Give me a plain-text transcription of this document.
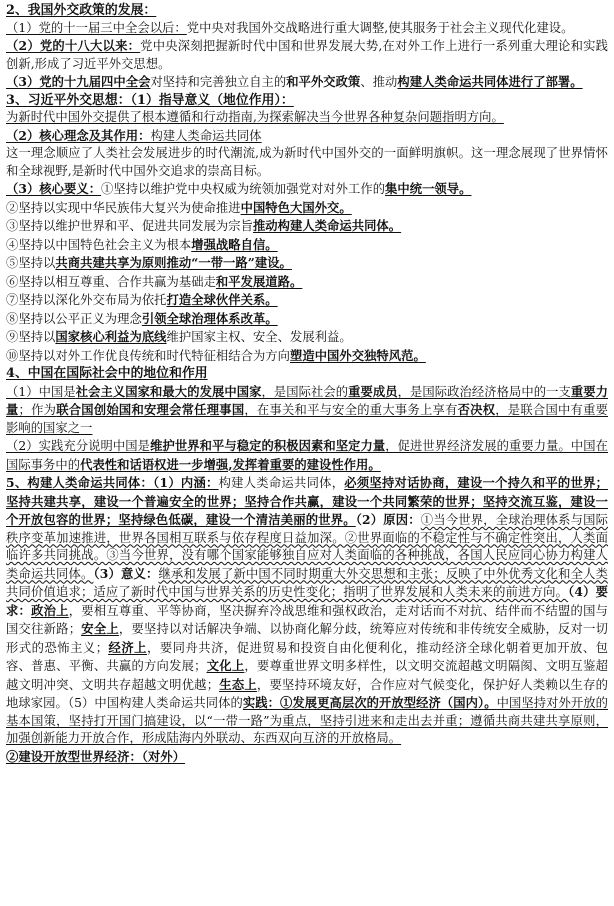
2、我国外交政策的发展：

（1）党的十一届三中全会以后：党中央对我国外交战略进行重大调整,使其服务于社会主义现代化建设。

（2）党的十八大以来：党中央深刻把握新时代中国和世界发展大势,在对外工作上进行一系列重大理论和实践创新,形成了习近平外交思想。

（3）党的十九届四中全会对坚持和完善独立自主的和平外交政策、推动构建人类命运共同体进行了部署。

3、习近平外交思想：（1）指导意义（地位作用）：

为新时代中国外交提供了根本遵循和行动指南,为探索解决当今世界各种复杂问题指明方向。

（2）核心理念及其作用：构建人类命运共同体

这一理念顺应了人类社会发展进步的时代潮流,成为新时代中国外交的一面鲜明旗帜。这一理念展现了世界情怀和全球视野,是新时代中国外交追求的崇高目标。

（3）核心要义：①坚持以维护党中央权威为统领加强党对对外工作的集中统一领导。

②坚持以实现中华民族伟大复兴为使命推进中国特色大国外交。

③坚持以维护世界和平、促进共同发展为宗旨推动构建人类命运共同体。

④坚持以中国特色社会主义为根本增强战略自信。

⑤坚持以共商共建共享为原则推动“一带一路”建设。

⑥坚持以相互尊重、合作共赢为基础走和平发展道路。

⑦坚持以深化外交布局为依托打造全球伙伴关系。

⑧坚持以公平正义为理念引领全球治理体系改革。

⑨坚持以国家核心利益为底线维护国家主权、安全、发展利益。

⑩坚持以对外工作优良传统和时代特征相结合为方向塑造中国外交独特风范。

4、中国在国际社会中的地位和作用

（1）中国是社会主义国家和最大的发展中国家，是国际社会的重要成员，是国际政治经济格局中的一支重要力量；作为联合国创始国和安理会常任理事国，在事关和平与安全的重大事务上享有否决权，是联合国中有重要影响的国家之一

（2）实践充分说明中国是维护世界和平与稳定的积极因素和坚定力量，促进世界经济发展的重要力量。中国在国际事务中的代表性和话语权进一步增强,发挥着重要的建设性作用。

5、构建人类命运共同体：（1）内涵：构建人类命运共同体，必须坚持对话协商，建设一个持久和平的世界；坚持共建共享，建设一个普遍安全的世界；坚持合作共赢，建设一个共同繁荣的世界；坚持交流互鉴，建设一个开放包容的世界；坚持绿色低碳，建设一个清洁美丽的世界。（2）原因：①当今世界，全球治理体系与国际秩序变革加速推进，世界各国相互联系与依存程度日益加深。②世界面临的不稳定性与不确定性突出，人类面临许多共同挑战。③当今世界，没有哪个国家能够独自应对人类面临的各种挑战，各国人民应同心协力构建人类命运共同体。（3）意义：继承和发展了新中国不同时期重大外交思想和主张；反映了中外优秀文化和全人类共同价值追求；适应了新时代中国与世界关系的历史性变化；指明了世界发展和人类未来的前进方向。（4）要求：政治上，要相互尊重、平等协商，坚决摒弃冷战思维和强权政治，走对话而不对抗、结伴而不结盟的国与国交往新路；安全上，要坚持以对话解决争端、以协商化解分歧，统筹应对传统和非传统安全威胁，反对一切形式的恐怖主义；经济上，要同舟共济，促进贸易和投资自由化便利化，推动经济全球化朝着更加开放、包容、普惠、平衡、共赢的方向发展；文化上，要尊重世界文明多样性，以文明交流超越文明隔阂、文明互鉴超越文明冲突、文明共存超越文明优越；生态上，要坚持环境友好，合作应对气候变化，保护好人类赖以生存的地球家园。（5）中国构建人类命运共同体的实践：①发展更高层次的开放型经济（国内）。中国坚持对外开放的基本国策，坚持打开国门搞建设，以“一带一路”为重点，坚持引进来和走出去并重；遵循共商共建共享原则，加强创新能力开放合作，形成陆海内外联动、东西双向互济的开放格局。

②建设开放型世界经济：（对外）
